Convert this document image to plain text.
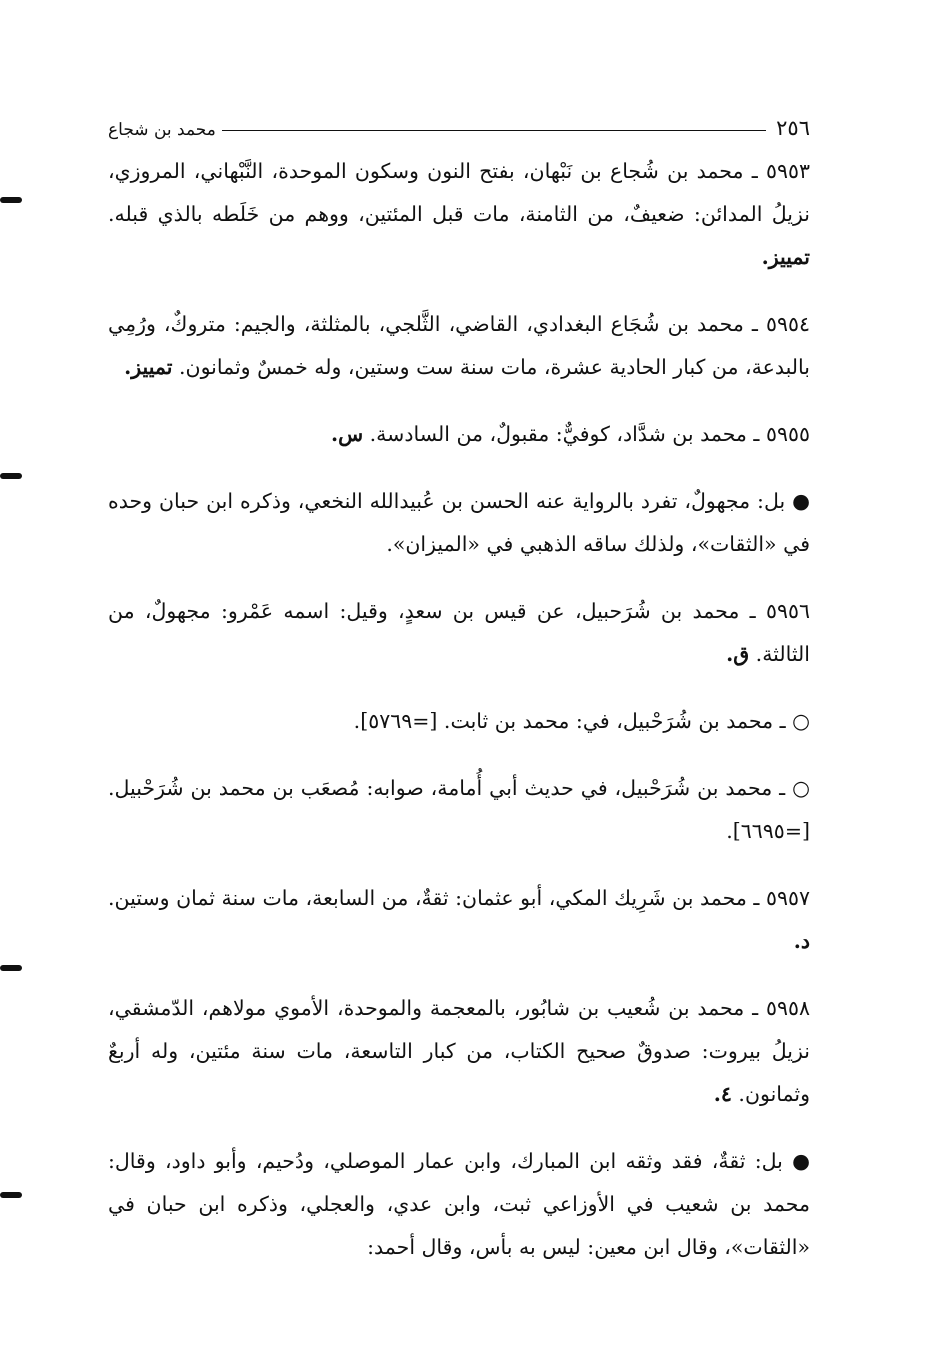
٢٥٦
محمد بن شجاع

٥٩٥٣ ـ محمد بن شُجاع بن نَبْهان، بفتح النون وسكون الموحدة، النَّبْهاني، المروزي، نزيلُ المدائن: ضعيفٌ، من الثامنة، مات قبل المئتين، ووهم من خَلَطه بالذي قبله. تمييز.

٥٩٥٤ ـ محمد بن شُجَاع البغدادي، القاضي، الثَّلجي، بالمثلثة، والجيم: متروكٌ، ورُمِي بالبدعة، من كبار الحادية عشرة، مات سنة ست وستين، وله خمسٌ وثمانون. تمييز.

٥٩٥٥ ـ محمد بن شدَّاد، كوفيٌّ: مقبولٌ، من السادسة. س.

● بل: مجهولٌ، تفرد بالرواية عنه الحسن بن عُبيدالله النخعي، وذكره ابن حبان وحده في «الثقات»، ولذلك ساقه الذهبي في «الميزان».

٥٩٥٦ ـ محمد بن شُرَحبيل، عن قيس بن سعدٍ، وقيل: اسمه عَمْرو: مجهولٌ، من الثالثة. ق.

○ ـ محمد بن شُرَحْبيل، في: محمد بن ثابت. [=٥٧٦٩].

○ ـ محمد بن شُرَحْبيل، في حديث أبي أُمامة، صوابه: مُصعَب بن محمد بن شُرَحْبيل. [=٦٦٩٥].

٥٩٥٧ ـ محمد بن شَرِيك المكي، أبو عثمان: ثقةٌ، من السابعة، مات سنة ثمان وستين. د.

٥٩٥٨ ـ محمد بن شُعيب بن شابُور، بالمعجمة والموحدة، الأموي مولاهم، الدّمشقي، نزيلُ بيروت: صدوقٌ صحيح الكتاب، من كبار التاسعة، مات سنة مئتين، وله أربعٌ وثمانون. ٤.

● بل: ثقةٌ، فقد وثقه ابن المبارك، وابن عمار الموصلي، ودُحيم، وأبو داود، وقال: محمد بن شعيب في الأوزاعي ثبت، وابن عدي، والعجلي، وذكره ابن حبان في «الثقات»، وقال ابن معين: ليس به بأس، وقال أحمد:
